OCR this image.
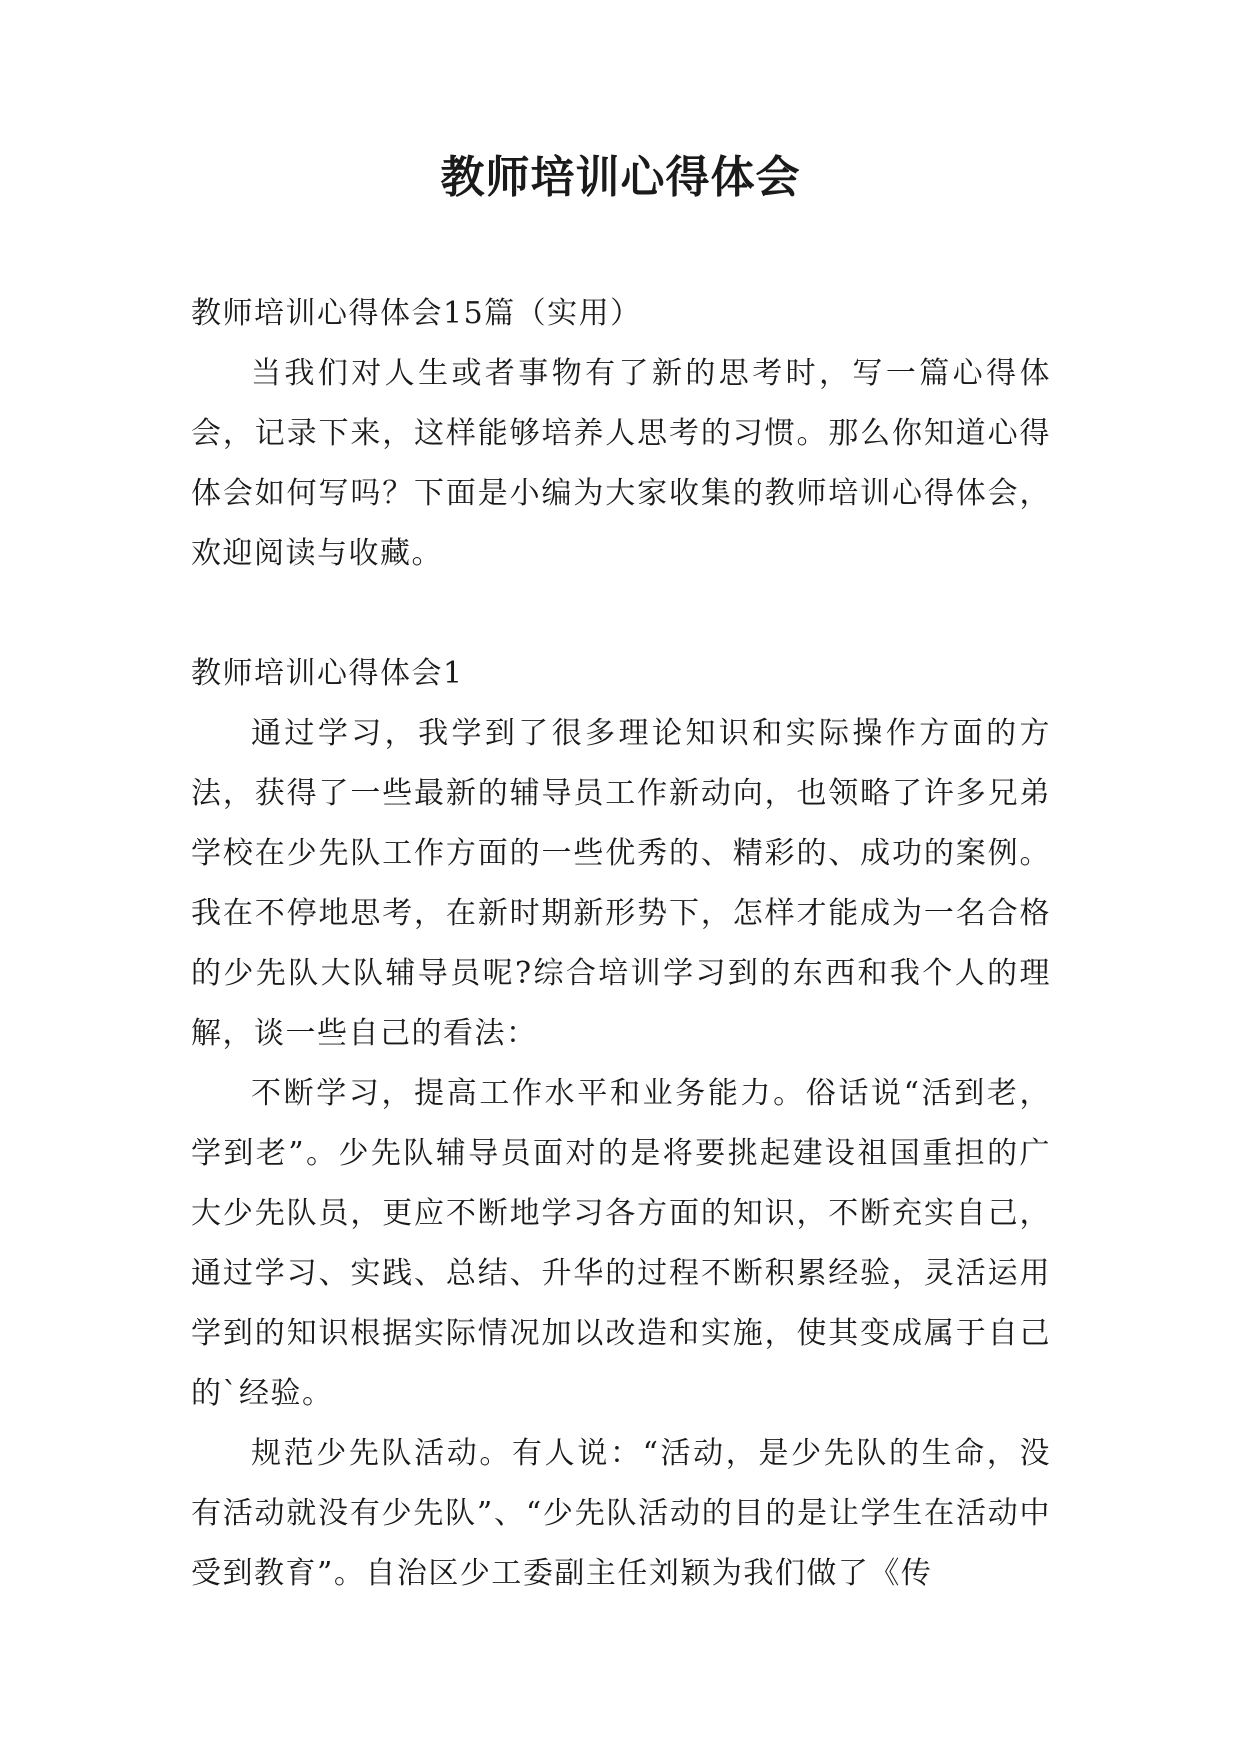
教师培训心得体会

教师培训心得体会15篇（实用）

当我们对人生或者事物有了新的思考时，写一篇心得体会，记录下来，这样能够培养人思考的习惯。那么你知道心得体会如何写吗？下面是小编为大家收集的教师培训心得体会，欢迎阅读与收藏。

教师培训心得体会1

通过学习，我学到了很多理论知识和实际操作方面的方法，获得了一些最新的辅导员工作新动向，也领略了许多兄弟学校在少先队工作方面的一些优秀的、精彩的、成功的案例。我在不停地思考，在新时期新形势下，怎样才能成为一名合格的少先队大队辅导员呢?综合培训学习到的东西和我个人的理解，谈一些自己的看法：

不断学习，提高工作水平和业务能力。俗话说“活到老，学到老”。少先队辅导员面对的是将要挑起建设祖国重担的广大少先队员，更应不断地学习各方面的知识，不断充实自己，通过学习、实践、总结、升华的过程不断积累经验，灵活运用学到的知识根据实际情况加以改造和实施，使其变成属于自己的`经验。

规范少先队活动。有人说：“活动，是少先队的生命，没有活动就没有少先队”、“少先队活动的目的是让学生在活动中受到教育”。自治区少工委副主任刘颖为我们做了《传
